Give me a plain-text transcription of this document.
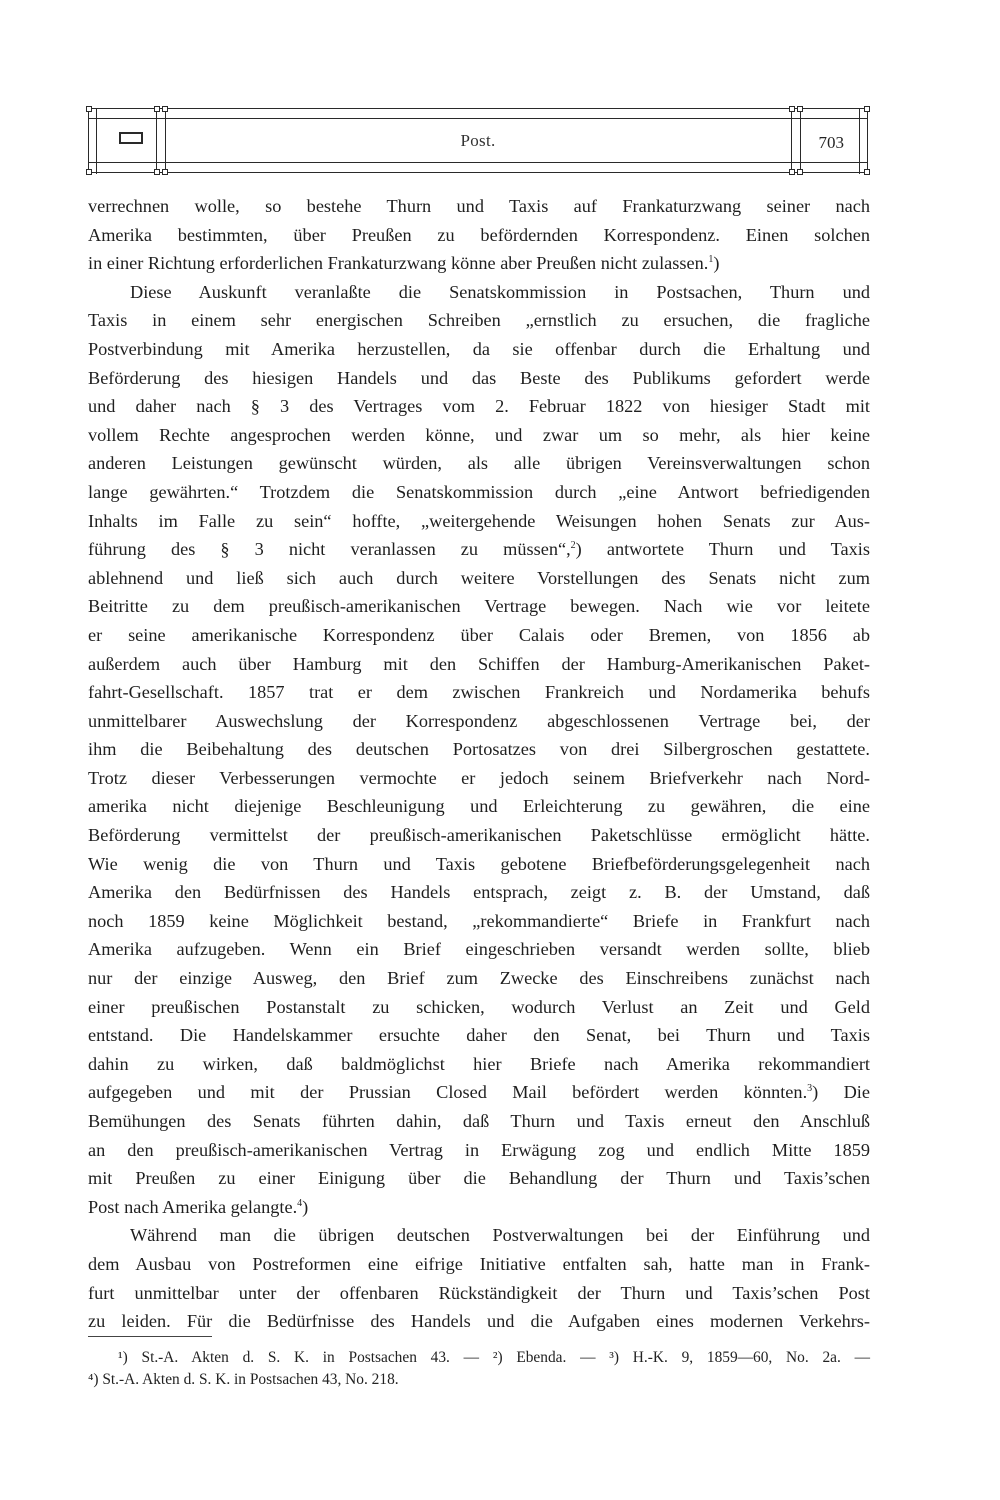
Post.	703
verrechnen wolle, so bestehe Thurn und Taxis auf Frankaturzwang seiner nach
Amerika bestimmten, über Preußen zu befördernden Korrespondenz. Einen solchen
in einer Richtung erforderlichen Frankaturzwang könne aber Preußen nicht zulassen.$^1$)
Diese Auskunft veranlaßte die Senatskommission in Postsachen, Thurn und
Taxis in einem sehr energischen Schreiben „ernstlich zu ersuchen, die fragliche
Postverbindung mit Amerika herzustellen, da sie offenbar durch die Erhaltung und
Beförderung des hiesigen Handels und das Beste des Publikums gefordert werde
und daher nach § 3 des Vertrages vom 2. Februar 1822 von hiesiger Stadt mit
vollem Rechte angesprochen werden könne, und zwar um so mehr, als hier keine
anderen Leistungen gewünscht würden, als alle übrigen Vereinsverwaltungen schon
lange gewährten.“ Trotzdem die Senatskommission durch „eine Antwort befriedigenden
Inhalts im Falle zu sein“ hoffte, „weitergehende Weisungen hohen Senats zur Aus-
führung des § 3 nicht veranlassen zu müssen“,$^2$) antwortete Thurn und Taxis
ablehnend und ließ sich auch durch weitere Vorstellungen des Senats nicht zum
Beitritte zu dem preußisch-amerikanischen Vertrage bewegen. Nach wie vor leitete
er seine amerikanische Korrespondenz über Calais oder Bremen, von 1856 ab
außerdem auch über Hamburg mit den Schiffen der Hamburg-Amerikanischen Paket-
fahrt-Gesellschaft. 1857 trat er dem zwischen Frankreich und Nordamerika behufs
unmittelbarer Auswechslung der Korrespondenz abgeschlossenen Vertrage bei, der
ihm die Beibehaltung des deutschen Portosatzes von drei Silbergroschen gestattete.
Trotz dieser Verbesserungen vermochte er jedoch seinem Briefverkehr nach Nord-
amerika nicht diejenige Beschleunigung und Erleichterung zu gewähren, die eine
Beförderung vermittelst der preußisch-amerikanischen Paketschlüsse ermöglicht hätte.
Wie wenig die von Thurn und Taxis gebotene Briefbeförderungsgelegenheit nach
Amerika den Bedürfnissen des Handels entsprach, zeigt z. B. der Umstand, daß
noch 1859 keine Möglichkeit bestand, „rekommandierte“ Briefe in Frankfurt nach
Amerika aufzugeben. Wenn ein Brief eingeschrieben versandt werden sollte, blieb
nur der einzige Ausweg, den Brief zum Zwecke des Einschreibens zunächst nach
einer preußischen Postanstalt zu schicken, wodurch Verlust an Zeit und Geld
entstand. Die Handelskammer ersuchte daher den Senat, bei Thurn und Taxis
dahin zu wirken, daß baldmöglichst hier Briefe nach Amerika rekommandiert
aufgegeben und mit der Prussian Closed Mail befördert werden könnten.$^3$) Die
Bemühungen des Senats führten dahin, daß Thurn und Taxis erneut den Anschluß
an den preußisch-amerikanischen Vertrag in Erwägung zog und endlich Mitte 1859
mit Preußen zu einer Einigung über die Behandlung der Thurn und Taxis’schen
Post nach Amerika gelangte.$^4$)
Während man die übrigen deutschen Postverwaltungen bei der Einführung und
dem Ausbau von Postreformen eine eifrige Initiative entfalten sah, hatte man in Frank-
furt unmittelbar unter der offenbaren Rückständigkeit der Thurn und Taxis’schen Post
zu leiden. Für die Bedürfnisse des Handels und die Aufgaben eines modernen Verkehrs-
¹) St.-A. Akten d. S. K. in Postsachen 43. — ²) Ebenda. — ³) H.-K. 9, 1859—60, No. 2a. —
⁴) St.-A. Akten d. S. K. in Postsachen 43, No. 218.
